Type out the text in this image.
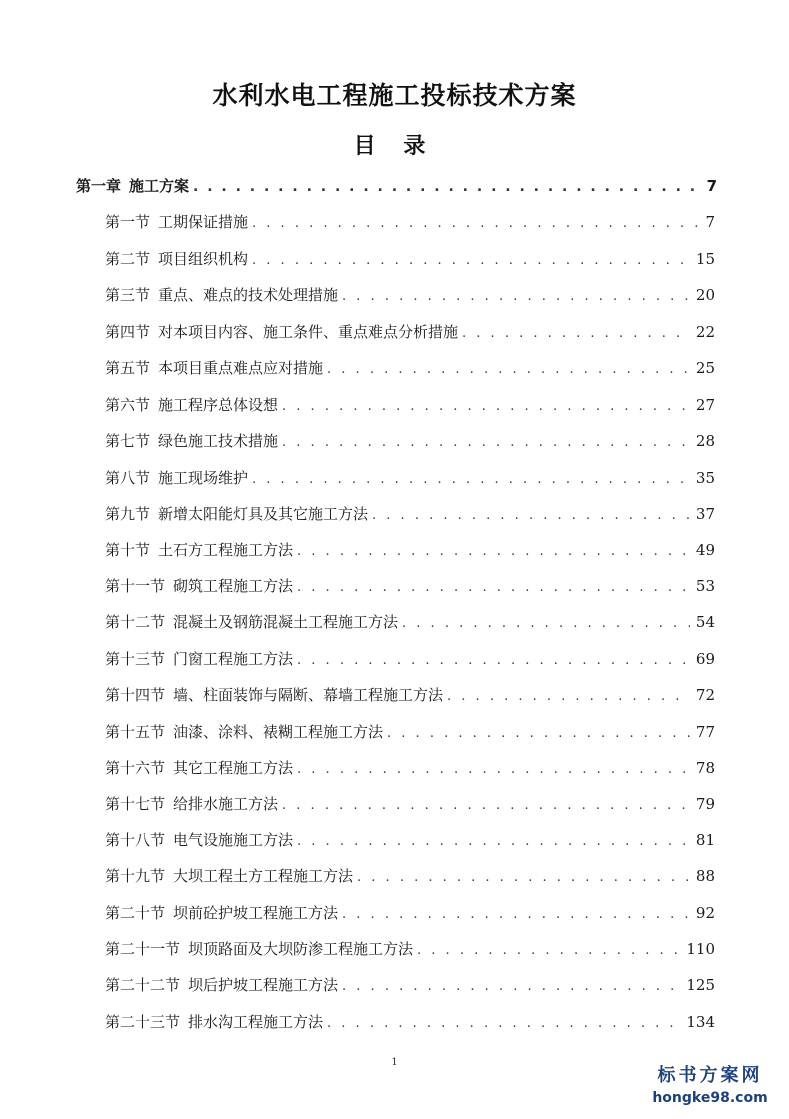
水利水电工程施工投标技术方案
目 录
第一章 施工方案 . . .	7
第一节 工期保证措施 . . .	7
第二节 项目组织机构 . . .	15
第三节 重点、难点的技术处理措施 . . .	20
第四节 对本项目内容、施工条件、重点难点分析措施 . . .	22
第五节 本项目重点难点应对措施 . . .	25
第六节 施工程序总体设想 . . .	27
第七节 绿色施工技术措施 . . .	28
第八节 施工现场维护 . . .	35
第九节 新增太阳能灯具及其它施工方法 . . .	37
第十节 土石方工程施工方法 . . .	49
第十一节 砌筑工程施工方法 . . .	53
第十二节 混凝土及钢筋混凝土工程施工方法 . . .	54
第十三节 门窗工程施工方法 . . .	69
第十四节 墙、柱面装饰与隔断、幕墙工程施工方法 . . .	72
第十五节 油漆、涂料、裱糊工程施工方法 . . .	77
第十六节 其它工程施工方法 . . .	78
第十七节 给排水施工方法 . . .	79
第十八节 电气设施施工方法 . . .	81
第十九节 大坝工程土方工程施工方法 . . .	88
第二十节 坝前砼护坡工程施工方法 . . .	92
第二十一节 坝顶路面及大坝防渗工程施工方法 . . .	110
第二十二节 坝后护坡工程施工方法 . . .	125
第二十三节 排水沟工程施工方法 . . .	134
1
标书方案网
hongke98.com
